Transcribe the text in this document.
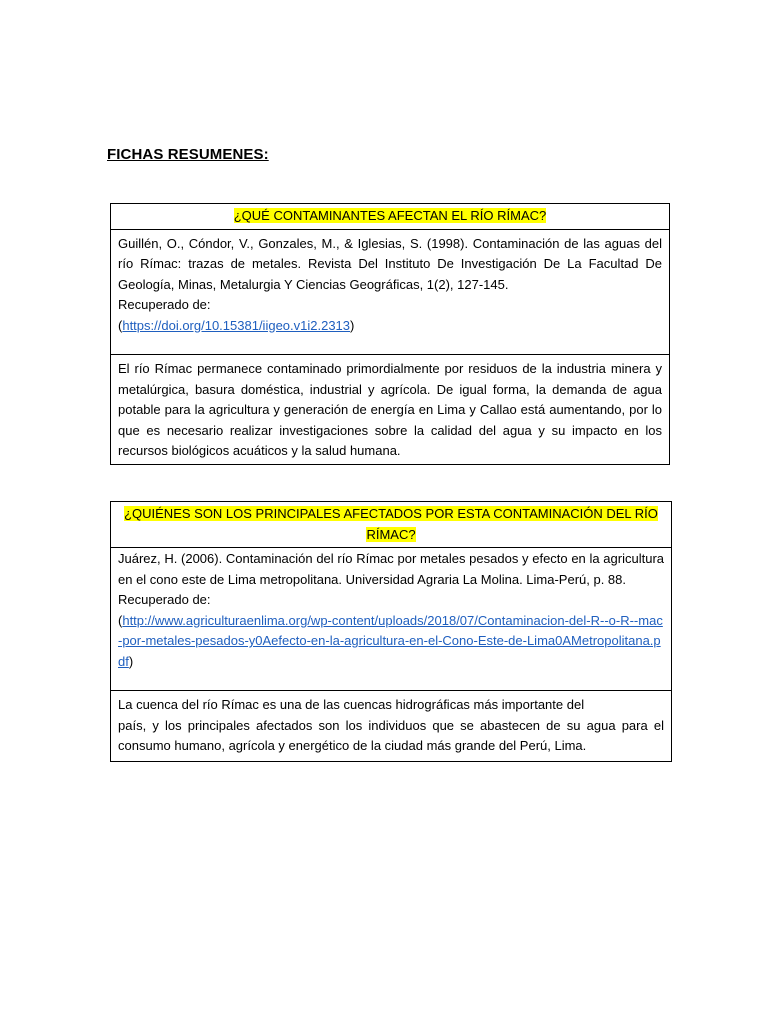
FICHAS RESUMENES:
¿QUÉ CONTAMINANTES AFECTAN EL RÍO RÍMAC?
Guillén, O., Cóndor, V., Gonzales, M., & Iglesias, S. (1998). Contaminación de las aguas del río Rímac: trazas de metales. Revista Del Instituto De Investigación De La Facultad De Geología, Minas, Metalurgia Y Ciencias Geográficas, 1(2), 127-145.
Recuperado de:
(https://doi.org/10.15381/iigeo.v1i2.2313)
El río Rímac permanece contaminado primordialmente por residuos de la industria minera y metalúrgica, basura doméstica, industrial y agrícola. De igual forma, la demanda de agua potable para la agricultura y generación de energía en Lima y Callao está aumentando, por lo que es necesario realizar investigaciones sobre la calidad del agua y su impacto en los recursos biológicos acuáticos y la salud humana.
¿QUIÉNES SON LOS PRINCIPALES AFECTADOS POR ESTA CONTAMINACIÓN DEL RÍO RÍMAC?
Juárez, H. (2006). Contaminación del río Rímac por metales pesados y efecto en la agricultura en el cono este de Lima metropolitana. Universidad Agraria La Molina. Lima-Perú, p. 88.
Recuperado de:
(http://www.agriculturaenlima.org/wp-content/uploads/2018/07/Contaminacion-del-R--o-R--mac-por-metales-pesados-y0Aefecto-en-la-agricultura-en-el-Cono-Este-de-Lima0AMetropolitana.pdf)
La cuenca del río Rímac es una de las cuencas hidrográficas más importante del
país, y los principales afectados son los individuos que se abastecen de su agua para el consumo humano, agrícola y energético de la ciudad más grande del Perú, Lima.
